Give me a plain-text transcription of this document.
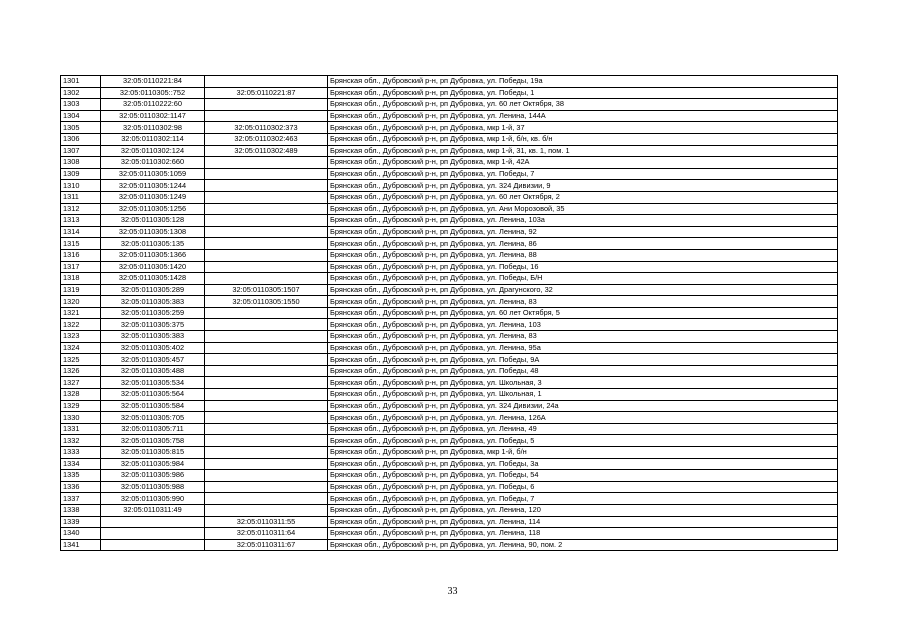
1301	32:05:0110221:84		Брянская обл., Дубровский р-н, рп Дубровка, ул. Победы, 19а
1302	32:05:0110305::752	32:05:0110221:87	Брянская обл., Дубровский р-н, рп Дубровка, ул. Победы, 1
1303	32:05:0110222:60		Брянская обл., Дубровский р-н, рп Дубровка, ул. 60 лет Октября, 38
1304	32:05:0110302:1147		Брянская обл., Дубровский р-н, рп Дубровка, ул. Ленина, 144А
1305	32:05:0110302:98	32:05:0110302:373	Брянская обл., Дубровский р-н, рп Дубровка, мкр 1-й, 37
1306	32:05:0110302:114	32:05:0110302:463	Брянская обл., Дубровский р-н, рп Дубровка, мкр 1-й, б/н, кв. б/н
1307	32:05:0110302:124	32:05:0110302:489	Брянская обл., Дубровский р-н, рп Дубровка, мкр 1-й, 31, кв. 1, пом. 1
1308	32:05:0110302:660		Брянская обл., Дубровский р-н, рп Дубровка, мкр 1-й, 42А
1309	32:05:0110305:1059		Брянская обл., Дубровский р-н, рп Дубровка, ул. Победы, 7
1310	32:05:0110305:1244		Брянская обл., Дубровский р-н, рп Дубровка, ул. 324 Дивизии, 9
1311	32:05:0110305:1249		Брянская обл., Дубровский р-н, рп Дубровка, ул. 60 лет Октября, 2
1312	32:05:0110305:1256		Брянская обл., Дубровский р-н, рп Дубровка, ул. Ани Морозовой, 35
1313	32:05:0110305:128		Брянская обл., Дубровский р-н, рп Дубровка, ул. Ленина, 103а
1314	32:05:0110305:1308		Брянская обл., Дубровский р-н, рп Дубровка, ул. Ленина, 92
1315	32:05:0110305:135		Брянская обл., Дубровский р-н, рп Дубровка, ул. Ленина, 86
1316	32:05:0110305:1366		Брянская обл., Дубровский р-н, рп Дубровка, ул. Ленина, 88
1317	32:05:0110305:1420		Брянская обл., Дубровский р-н, рп Дубровка, ул. Победы, 16
1318	32:05:0110305:1428		Брянская обл., Дубровский р-н, рп Дубровка, ул. Победы, Б/Н
1319	32:05:0110305:289	32:05:0110305:1507	Брянская обл., Дубровский р-н, рп Дубровка, ул. Драгунского, 32
1320	32:05:0110305:383	32:05:0110305:1550	Брянская обл., Дубровский р-н, рп Дубровка, ул. Ленина, 83
1321	32:05:0110305:259		Брянская обл., Дубровский р-н, рп Дубровка, ул. 60 лет Октября, 5
1322	32:05:0110305:375		Брянская обл., Дубровский р-н, рп Дубровка, ул. Ленина, 103
1323	32:05:0110305:383		Брянская обл., Дубровский р-н, рп Дубровка, ул. Ленина, 83
1324	32:05:0110305:402		Брянская обл., Дубровский р-н, рп Дубровка, ул. Ленина, 95а
1325	32:05:0110305:457		Брянская обл., Дубровский р-н, рп Дубровка, ул. Победы, 9А
1326	32:05:0110305:488		Брянская обл., Дубровский р-н, рп Дубровка, ул. Победы, 48
1327	32:05:0110305:534		Брянская обл., Дубровский р-н, рп Дубровка, ул. Школьная, 3
1328	32:05:0110305:564		Брянская обл., Дубровский р-н, рп Дубровка, ул. Школьная, 1
1329	32:05:0110305:584		Брянская обл., Дубровский р-н, рп Дубровка, ул. 324 Дивизии, 24а
1330	32:05:0110305:705		Брянская обл., Дубровский р-н, рп Дубровка, ул. Ленина, 126А
1331	32:05:0110305:711		Брянская обл., Дубровский р-н, рп Дубровка, ул. Ленина, 49
1332	32:05:0110305:758		Брянская обл., Дубровский р-н, рп Дубровка, ул. Победы, 5
1333	32:05:0110305:815		Брянская обл., Дубровский р-н, рп Дубровка, мкр 1-й, б/н
1334	32:05:0110305:984		Брянская обл., Дубровский р-н, рп Дубровка, ул. Победы, 3а
1335	32:05:0110305:986		Брянская обл., Дубровский р-н, рп Дубровка, ул. Победы, 54
1336	32:05:0110305:988		Брянская обл., Дубровский р-н, рп Дубровка, ул. Победы, 6
1337	32:05:0110305:990		Брянская обл., Дубровский р-н, рп Дубровка, ул. Победы, 7
1338	32:05:0110311:49		Брянская обл., Дубровский р-н, рп Дубровка, ул. Ленина, 120
1339		32:05:0110311:55	Брянская обл., Дубровский р-н, рп Дубровка, ул. Ленина, 114
1340		32:05:0110311:64	Брянская обл., Дубровский р-н, рп Дубровка, ул. Ленина, 118
1341		32:05:0110311:67	Брянская обл., Дубровский р-н, рп Дубровка, ул. Ленина, 90, пом. 2
33
